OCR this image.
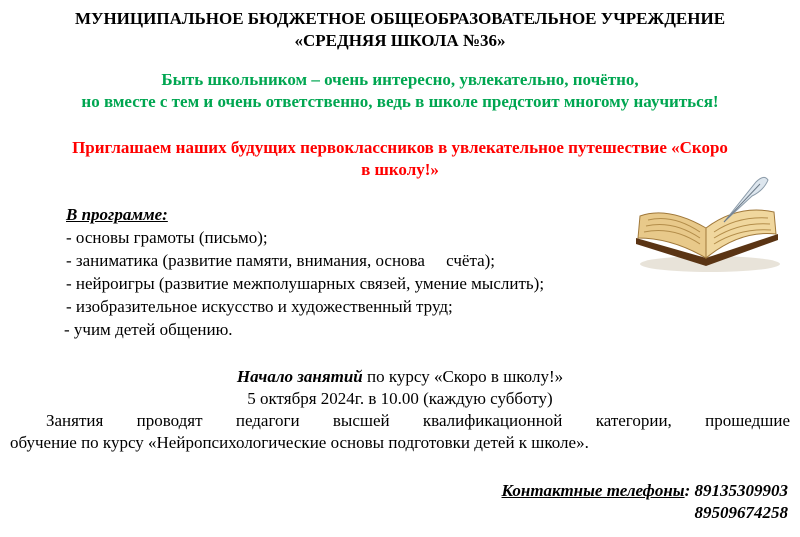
МУНИЦИПАЛЬНОЕ БЮДЖЕТНОЕ ОБЩЕОБРАЗОВАТЕЛЬНОЕ УЧРЕЖДЕНИЕ
«СРЕДНЯЯ ШКОЛА №36»
Быть школьником – очень интересно, увлекательно, почётно,
но вместе с тем и очень ответственно, ведь в школе предстоит многому научиться!
Приглашаем наших будущих первоклассников в увлекательное путешествие «Скоро
в школу!»
В программе:
- основы грамоты (письмо);
- заниматика (развитие памяти, внимания, основа     счёта);
- нейроигры (развитие межполушарных связей, умение мыслить);
- изобразительное искусство и художественный труд;
- учим детей общению.
Начало занятий по курсу «Скоро в школу!»
5 октября 2024г. в 10.00 (каждую субботу)
Занятия проводят педагоги высшей квалификационной категории, прошедшие
обучение по курсу «Нейропсихологические основы подготовки детей к школе».
Контактные телефоны: 89135309903
89509674258
